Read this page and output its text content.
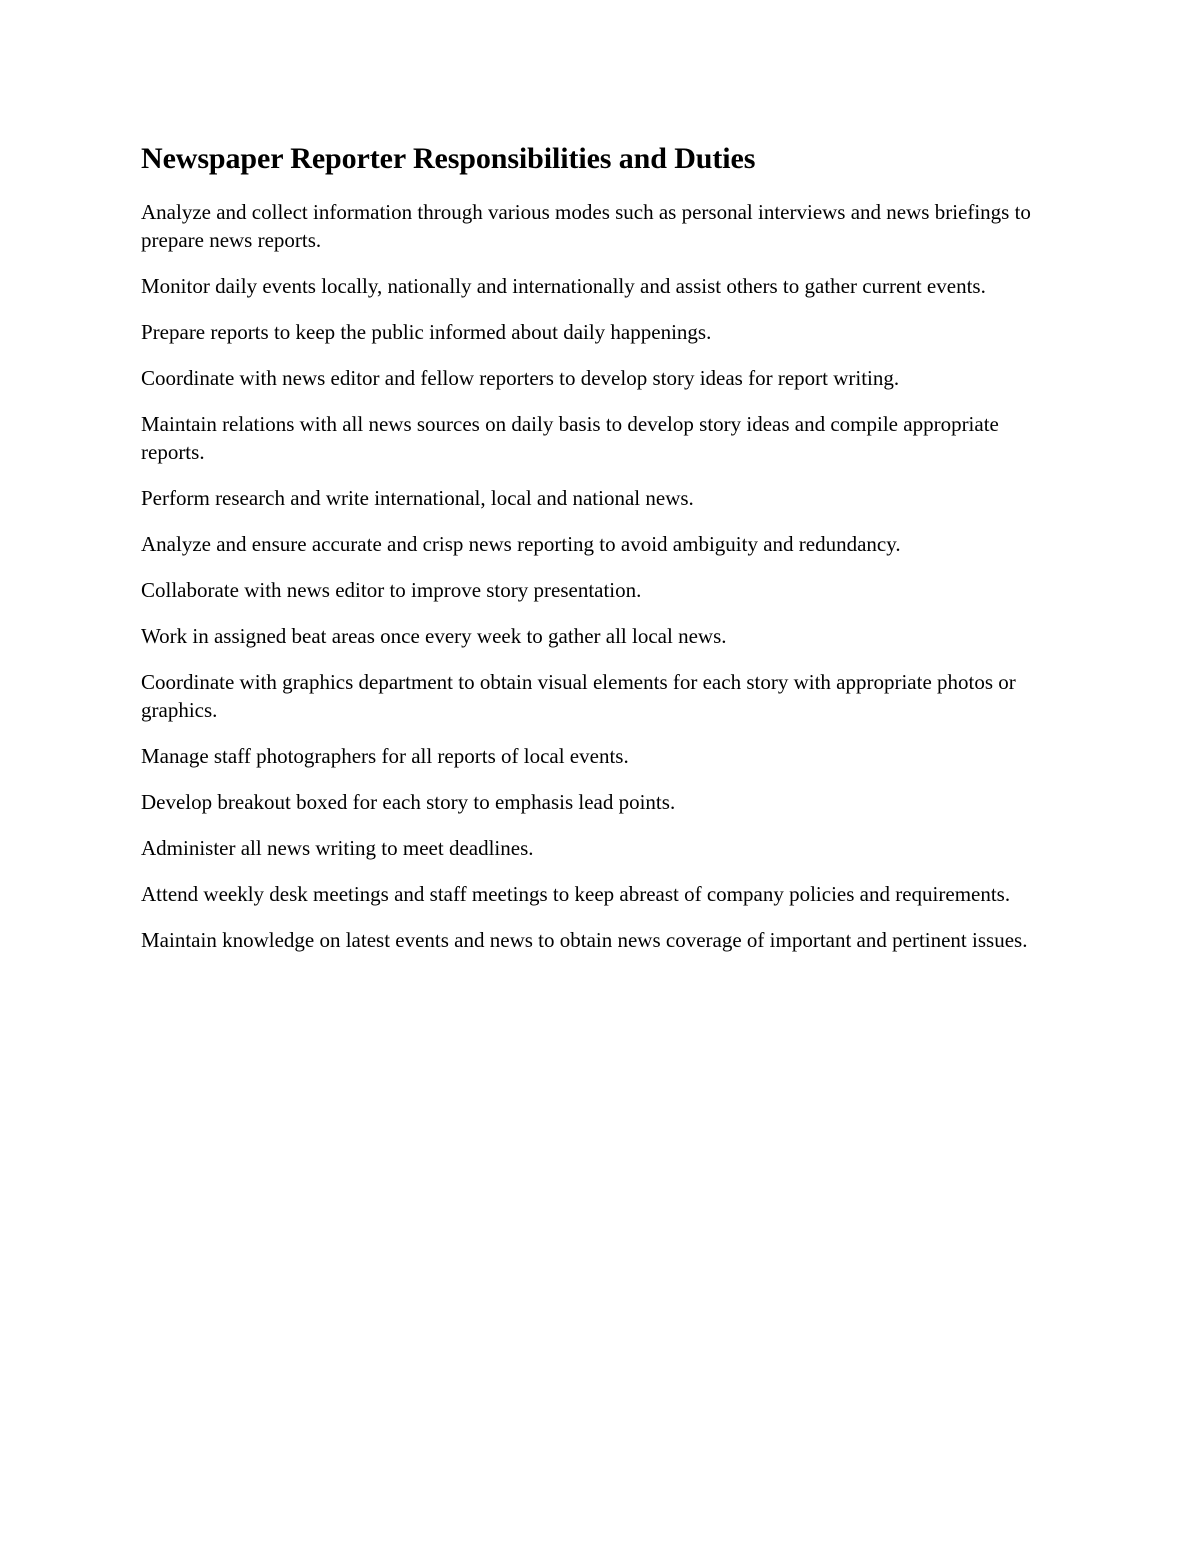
Newspaper Reporter Responsibilities and Duties

Analyze and collect information through various modes such as personal interviews and news briefings to prepare news reports.

Monitor daily events locally, nationally and internationally and assist others to gather current events.

Prepare reports to keep the public informed about daily happenings.

Coordinate with news editor and fellow reporters to develop story ideas for report writing.

Maintain relations with all news sources on daily basis to develop story ideas and compile appropriate reports.

Perform research and write international, local and national news.

Analyze and ensure accurate and crisp news reporting to avoid ambiguity and redundancy.

Collaborate with news editor to improve story presentation.

Work in assigned beat areas once every week to gather all local news.

Coordinate with graphics department to obtain visual elements for each story with appropriate photos or graphics.

Manage staff photographers for all reports of local events.

Develop breakout boxed for each story to emphasis lead points.

Administer all news writing to meet deadlines.

Attend weekly desk meetings and staff meetings to keep abreast of company policies and requirements.

Maintain knowledge on latest events and news to obtain news coverage of important and pertinent issues.
